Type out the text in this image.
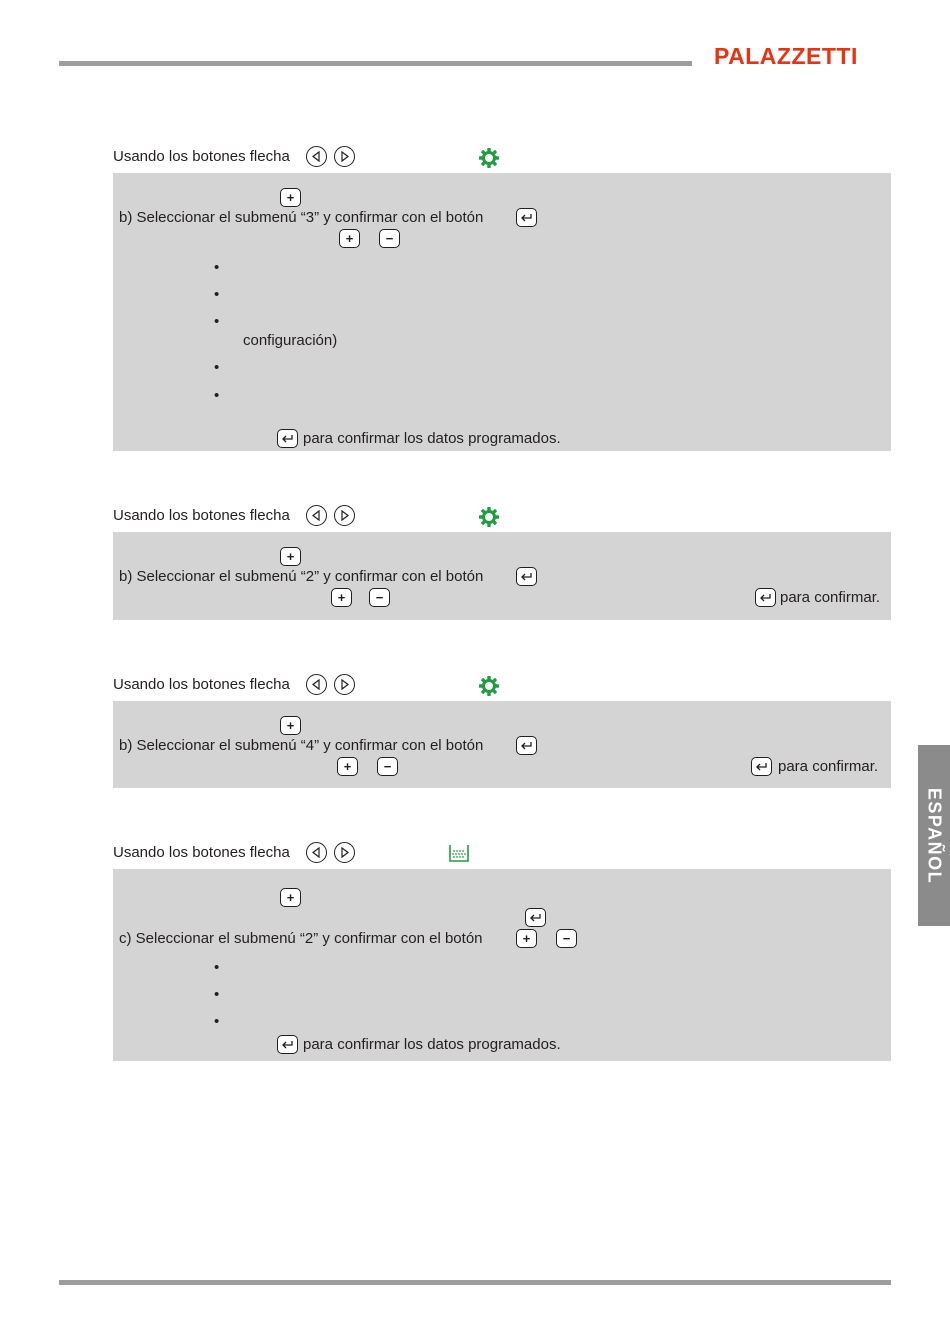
PALAZZETTI
ESPAÑOL
Usando los botones flecha
+
b) Seleccionar el submenú “3” y confirmar con el botón
+	−
•
•
•
configuración)
•
•
para confirmar los datos programados.
Usando los botones flecha
+
b) Seleccionar el submenú “2” y confirmar con el botón
+	−	para confirmar.
Usando los botones flecha
+
b) Seleccionar el submenú “4” y confirmar con el botón
+	−	para confirmar.
Usando los botones flecha
+
c) Seleccionar el submenú “2” y confirmar con el botón	+	−
•
•
•
para confirmar los datos programados.
